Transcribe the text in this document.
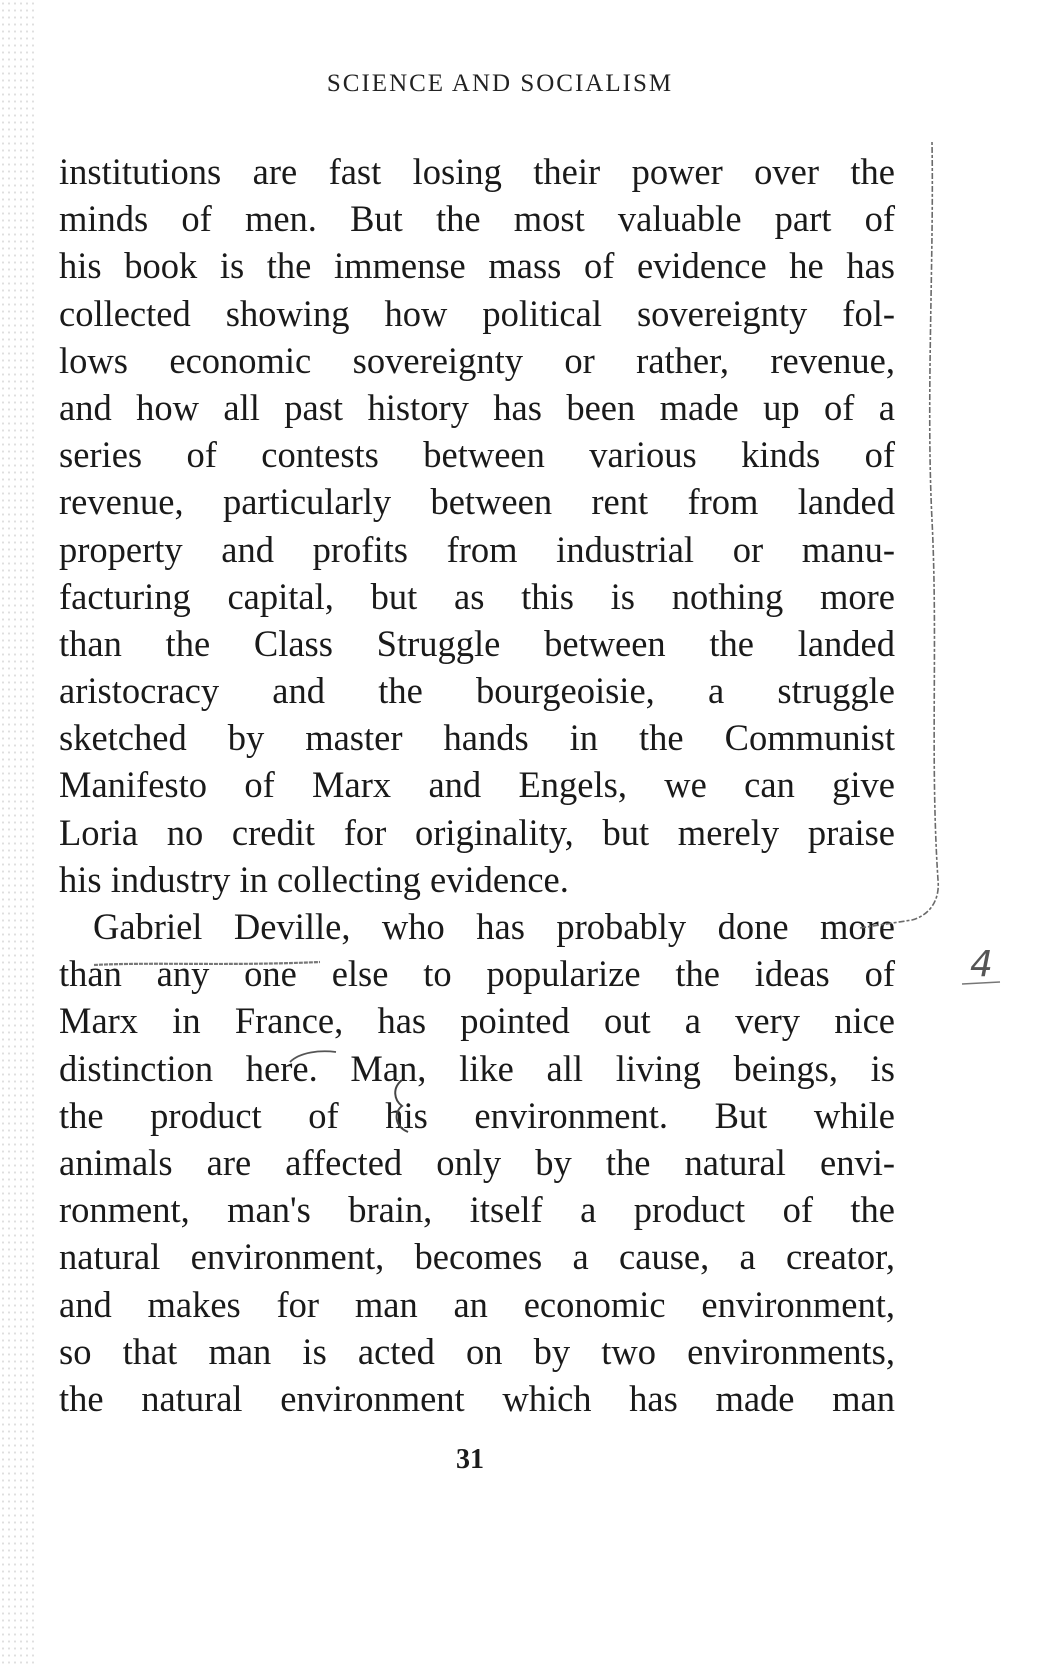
SCIENCE AND SOCIALISM
institutions are fast losing their power over the
minds of men. But the most valuable part of
his book is the immense mass of evidence he has
collected showing how political sovereignty fol-
lows economic sovereignty or rather, revenue,
and how all past history has been made up of a
series of contests between various kinds of
revenue, particularly between rent from landed
property and profits from industrial or manu-
facturing capital, but as this is nothing more
than the Class Struggle between the landed
aristocracy and the bourgeoisie, a struggle
sketched by master hands in the Communist
Manifesto of Marx and Engels, we can give
Loria no credit for originality, but merely praise
his industry in collecting evidence.
Gabriel Deville, who has probably done more
than any one else to popularize the ideas of
Marx in France, has pointed out a very nice
distinction here. Man, like all living beings, is
the product of his environment. But while
animals are affected only by the natural envi-
ronment, man's brain, itself a product of the
natural environment, becomes a cause, a creator,
and makes for man an economic environment,
so that man is acted on by two environments,
the natural environment which has made man
31
4
